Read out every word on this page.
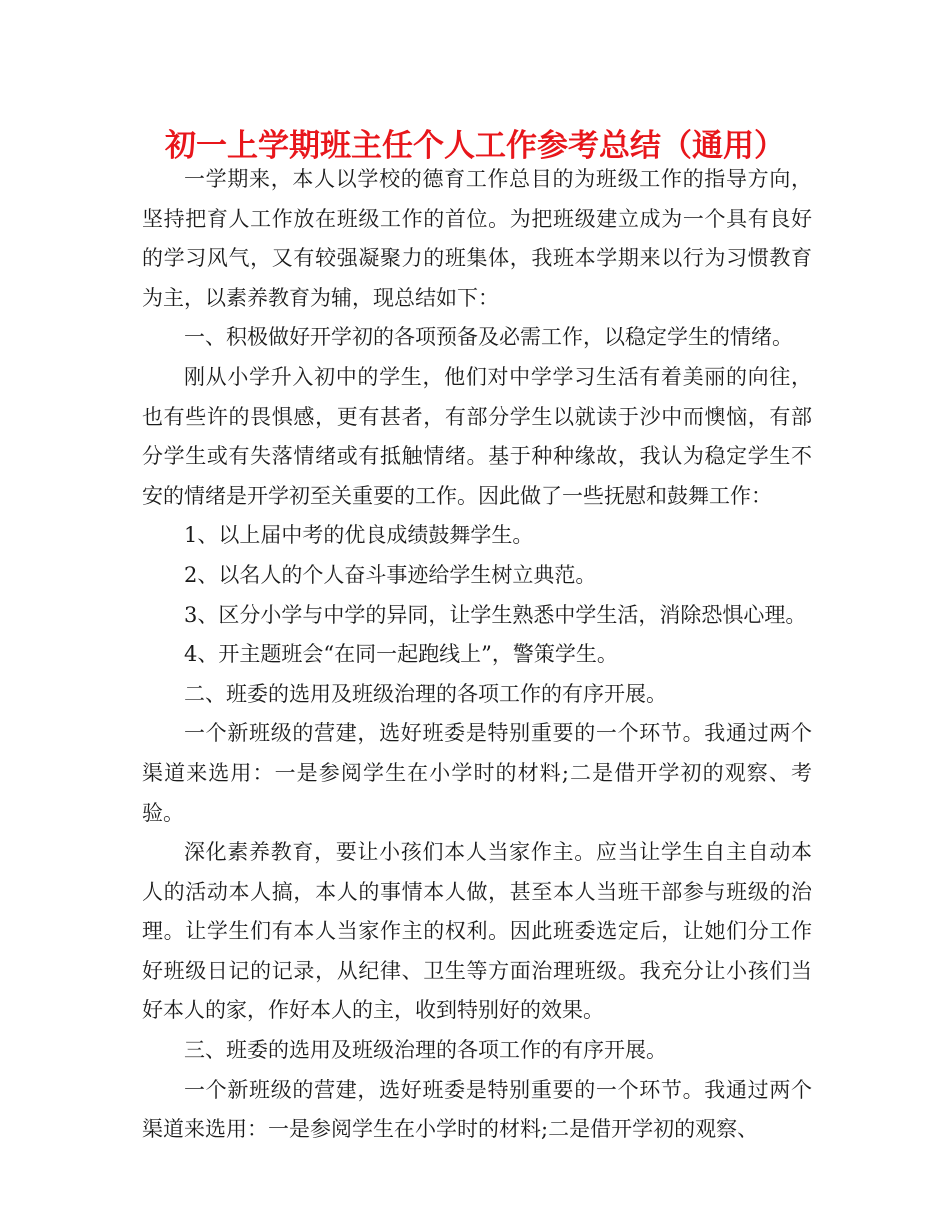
初一上学期班主任个人工作参考总结（通用）

一学期来，本人以学校的德育工作总目的为班级工作的指导方向，坚持把育人工作放在班级工作的首位。为把班级建立成为一个具有良好的学习风气，又有较强凝聚力的班集体，我班本学期来以行为习惯教育为主，以素养教育为辅，现总结如下：

一、积极做好开学初的各项预备及必需工作，以稳定学生的情绪。

刚从小学升入初中的学生，他们对中学学习生活有着美丽的向往，也有些许的畏惧感，更有甚者，有部分学生以就读于沙中而懊恼，有部分学生或有失落情绪或有抵触情绪。基于种种缘故，我认为稳定学生不安的情绪是开学初至关重要的工作。因此做了一些抚慰和鼓舞工作：

1、以上届中考的优良成绩鼓舞学生。

2、以名人的个人奋斗事迹给学生树立典范。

3、区分小学与中学的异同，让学生熟悉中学生活，消除恐惧心理。

4、开主题班会“在同一起跑线上”，警策学生。

二、班委的选用及班级治理的各项工作的有序开展。

一个新班级的营建，选好班委是特别重要的一个环节。我通过两个渠道来选用：一是参阅学生在小学时的材料;二是借开学初的观察、考验。

深化素养教育，要让小孩们本人当家作主。应当让学生自主自动本人的活动本人搞，本人的事情本人做，甚至本人当班干部参与班级的治理。让学生们有本人当家作主的权利。因此班委选定后，让她们分工作好班级日记的记录，从纪律、卫生等方面治理班级。我充分让小孩们当好本人的家，作好本人的主，收到特别好的效果。

三、班委的选用及班级治理的各项工作的有序开展。

一个新班级的营建，选好班委是特别重要的一个环节。我通过两个渠道来选用：一是参阅学生在小学时的材料;二是借开学初的观察、
